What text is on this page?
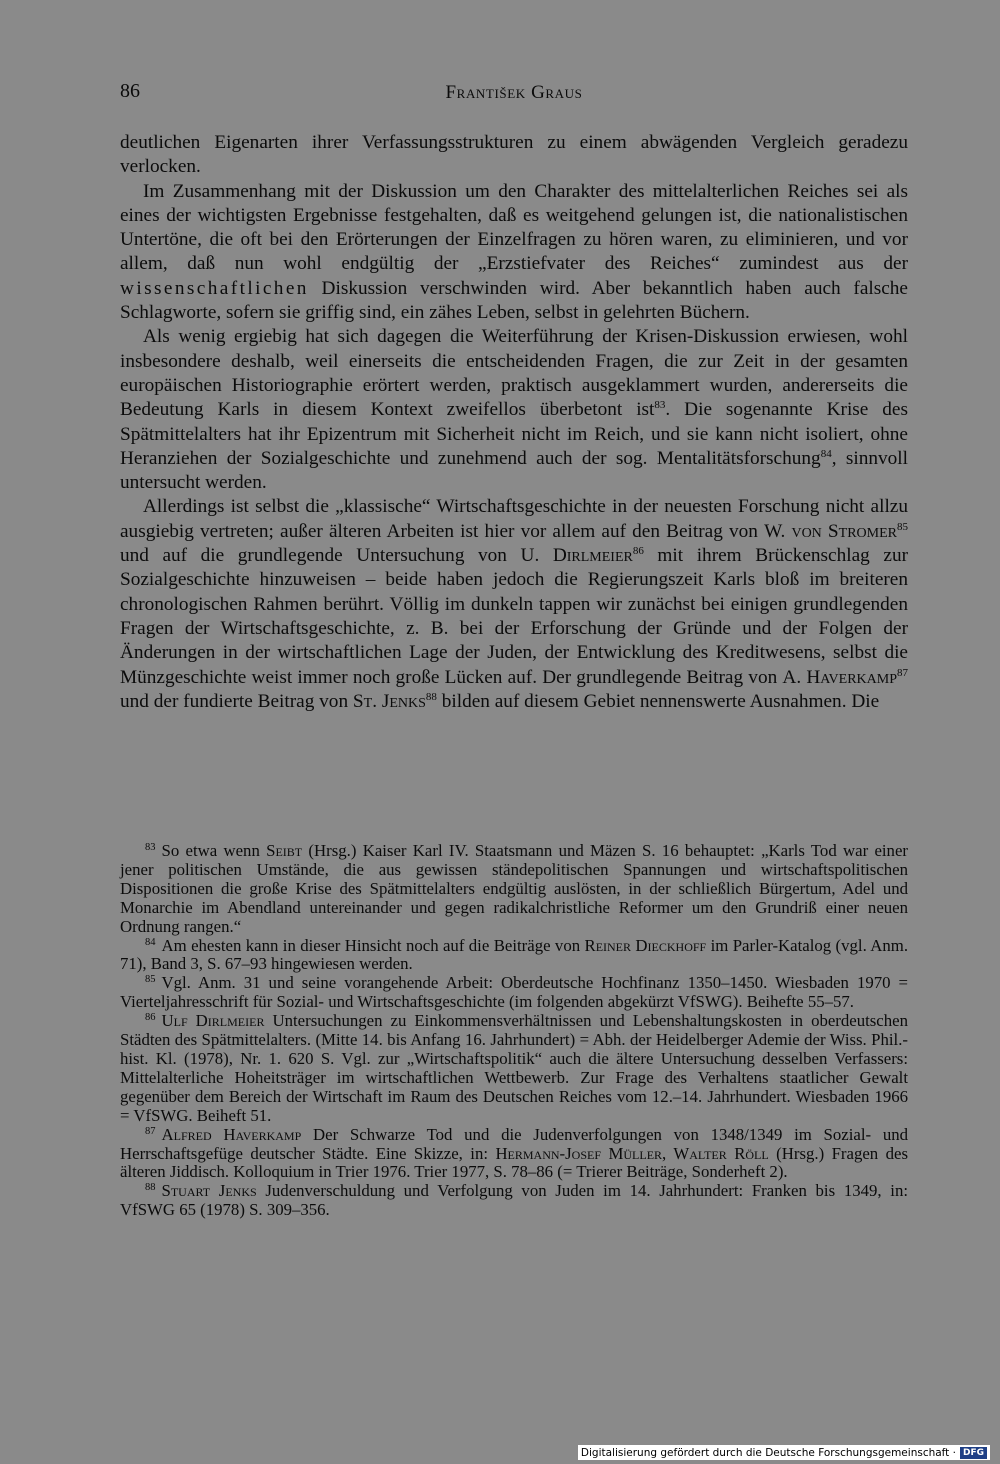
86	František Graus

deutlichen Eigenarten ihrer Verfassungsstrukturen zu einem abwägenden Vergleich geradezu verlocken.

Im Zusammenhang mit der Diskussion um den Charakter des mittelalterlichen Reiches sei als eines der wichtigsten Ergebnisse festgehalten, daß es weitgehend gelungen ist, die nationalistischen Untertöne, die oft bei den Erörterungen der Einzelfragen zu hören waren, zu eliminieren, und vor allem, daß nun wohl endgültig der „Erzstiefvater des Reiches“ zumindest aus der wissenschaftlichen Diskussion verschwinden wird. Aber bekanntlich haben auch falsche Schlagworte, sofern sie griffig sind, ein zähes Leben, selbst in gelehrten Büchern.

Als wenig ergiebig hat sich dagegen die Weiterführung der Krisen-Diskussion erwiesen, wohl insbesondere deshalb, weil einerseits die entscheidenden Fragen, die zur Zeit in der gesamten europäischen Historiographie erörtert werden, praktisch ausgeklammert wurden, andererseits die Bedeutung Karls in diesem Kontext zweifellos überbetont ist$^{83}$. Die sogenannte Krise des Spätmittelalters hat ihr Epizentrum mit Sicherheit nicht im Reich, und sie kann nicht isoliert, ohne Heranziehen der Sozialgeschichte und zunehmend auch der sog. Mentalitätsforschung$^{84}$, sinnvoll untersucht werden.

Allerdings ist selbst die „klassische“ Wirtschaftsgeschichte in der neuesten Forschung nicht allzu ausgiebig vertreten; außer älteren Arbeiten ist hier vor allem auf den Beitrag von W. von Stromer$^{85}$ und auf die grundlegende Untersuchung von U. Dirlmeier$^{86}$ mit ihrem Brückenschlag zur Sozialgeschichte hinzuweisen – beide haben jedoch die Regierungszeit Karls bloß im breiteren chronologischen Rahmen berührt. Völlig im dunkeln tappen wir zunächst bei einigen grundlegenden Fragen der Wirtschaftsgeschichte, z. B. bei der Erforschung der Gründe und der Folgen der Änderungen in der wirtschaftlichen Lage der Juden, der Entwicklung des Kreditwesens, selbst die Münzgeschichte weist immer noch große Lücken auf. Der grundlegende Beitrag von A. Haverkamp$^{87}$ und der fundierte Beitrag von St. Jenks$^{88}$ bilden auf diesem Gebiet nennenswerte Ausnahmen. Die

$^{83}$ So etwa wenn Seibt (Hrsg.) Kaiser Karl IV. Staatsmann und Mäzen S. 16 behauptet: „Karls Tod war einer jener politischen Umstände, die aus gewissen ständepolitischen Spannungen und wirtschaftspolitischen Dispositionen die große Krise des Spätmittelalters endgültig auslösten, in der schließlich Bürgertum, Adel und Monarchie im Abendland untereinander und gegen radikalchristliche Reformer um den Grundriß einer neuen Ordnung rangen.“

$^{84}$ Am ehesten kann in dieser Hinsicht noch auf die Beiträge von Reiner Dieckhoff im Parler-Katalog (vgl. Anm. 71), Band 3, S. 67–93 hingewiesen werden.

$^{85}$ Vgl. Anm. 31 und seine vorangehende Arbeit: Oberdeutsche Hochfinanz 1350–1450. Wiesbaden 1970 = Vierteljahresschrift für Sozial- und Wirtschaftsgeschichte (im folgenden abgekürzt VfSWG). Beihefte 55–57.

$^{86}$ Ulf Dirlmeier Untersuchungen zu Einkommensverhältnissen und Lebenshaltungskosten in oberdeutschen Städten des Spätmittelalters. (Mitte 14. bis Anfang 16. Jahrhundert) = Abh. der Heidelberger Ademie der Wiss. Phil.-hist. Kl. (1978), Nr. 1. 620 S. Vgl. zur „Wirtschaftspolitik“ auch die ältere Untersuchung desselben Verfassers: Mittelalterliche Hoheitsträger im wirtschaftlichen Wettbewerb. Zur Frage des Verhaltens staatlicher Gewalt gegenüber dem Bereich der Wirtschaft im Raum des Deutschen Reiches vom 12.–14. Jahrhundert. Wiesbaden 1966 = VfSWG. Beiheft 51.

$^{87}$ Alfred Haverkamp Der Schwarze Tod und die Judenverfolgungen von 1348/1349 im Sozial- und Herrschaftsgefüge deutscher Städte. Eine Skizze, in: Hermann-Josef Müller, Walter Röll (Hrsg.) Fragen des älteren Jiddisch. Kolloquium in Trier 1976. Trier 1977, S. 78–86 (= Trierer Beiträge, Sonderheft 2).

$^{88}$ Stuart Jenks Judenverschuldung und Verfolgung von Juden im 14. Jahrhundert: Franken bis 1349, in: VfSWG 65 (1978) S. 309–356.

Digitalisierung gefördert durch die Deutsche Forschungsgemeinschaft · DFG
